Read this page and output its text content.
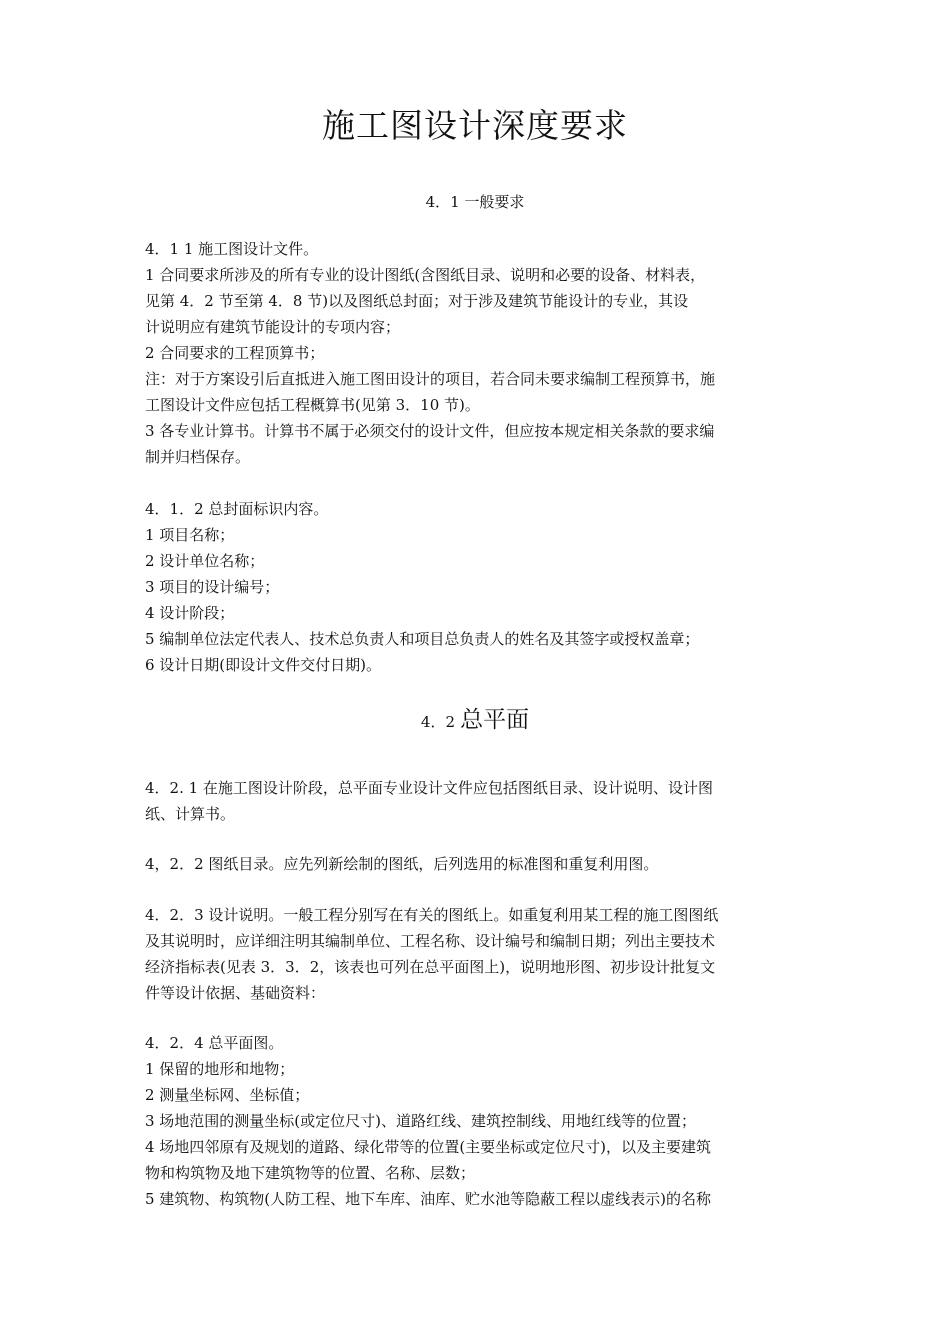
施工图设计深度要求
4．1 一般要求

4．1 1 施工图设计文件。

1 合同要求所涉及的所有专业的设计图纸(含图纸目录、说明和必要的设备、材料表，

见第 4．2 节至第 4．8 节)以及图纸总封面；对于涉及建筑节能设计的专业，其设

计说明应有建筑节能设计的专项内容；

2 合同要求的工程顶算书；

注：对于方案设引后直抵进入施工图田设计的项目，若合同未要求编制工程预算书，施

工图设计文件应包括工程概算书(见第 3．10 节)。

3 各专业计算书。计算书不属于必须交付的设计文件，但应按本规定相关条款的要求编

制并归档保存。

4．1．2 总封面标识内容。

1 项目名称；

2 设计单位名称；

3 项目的设计编号；

4 设计阶段；

5 编制单位法定代表人、技术总负责人和项目总负责人的姓名及其签字或授权盖章；

6 设计日期(即设计文件交付日期)。

4．2 总平面

4．2. 1 在施工图设计阶段，总平面专业设计文件应包括图纸目录、设计说明、设计图

纸、计算书。

4，2．2 图纸目录。应先列新绘制的图纸，后列选用的标准图和重复利用图。

4．2．3 设计说明。一般工程分别写在有关的图纸上。如重复利用某工程的施工图图纸

及其说明时，应详细注明其编制单位、工程名称、设计编号和编制日期；列出主要技术

经济指标表(见表 3．3．2，该表也可列在总平面图上)，说明地形图、初步设计批复文

件等设计依据、基础资料：

4．2．4 总平面图。

1 保留的地形和地物；

2 测量坐标网、坐标值；

3 场地范围的测量坐标(或定位尺寸)、道路红线、建筑控制线、用地红线等的位置；

4 场地四邻原有及规划的道路、绿化带等的位置(主要坐标或定位尺寸)，以及主要建筑

物和构筑物及地下建筑物等的位置、名称、层数；

5 建筑物、构筑物(人防工程、地下车库、油库、贮水池等隐蔽工程以虚线表示)的名称
